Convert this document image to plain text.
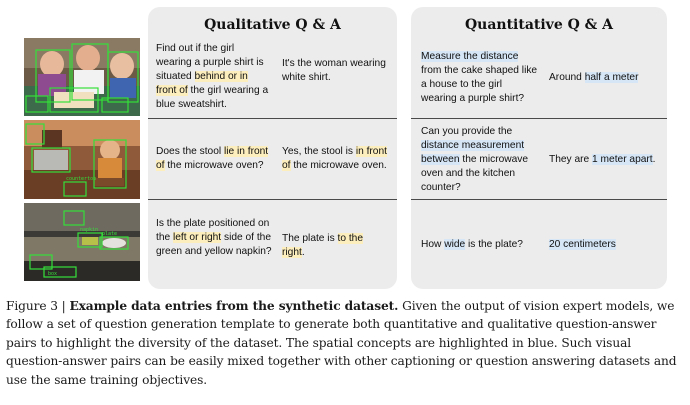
countertop
napkin
plate
box
Qualitative Q & A
Find out if the girl wearing a purple shirt is situated behind or in front of the girl wearing a blue sweatshirt.
It's the woman wearing white shirt.
Does the stool lie in front of the microwave oven?
Yes, the stool is in front of the microwave oven.
Is the plate positioned on the left or right side of the green and yellow napkin?
The plate is to the right.
Quantitative Q & A
Measure the distance from the cake shaped like a house to the girl wearing a purple shirt?
Around half a meter
Can you provide the distance measurement between the microwave oven and the kitchen counter?
They are 1 meter apart.
How wide is the plate?	20 centimeters
Figure 3 | Example data entries from the synthetic dataset. Given the output of vision expert models, we follow a set of question generation template to generate both quantitative and qualitative question-answer pairs to highlight the diversity of the dataset. The spatial concepts are highlighted in blue. Such visual question-answer pairs can be easily mixed together with other captioning or question answering datasets and use the same training objectives.
